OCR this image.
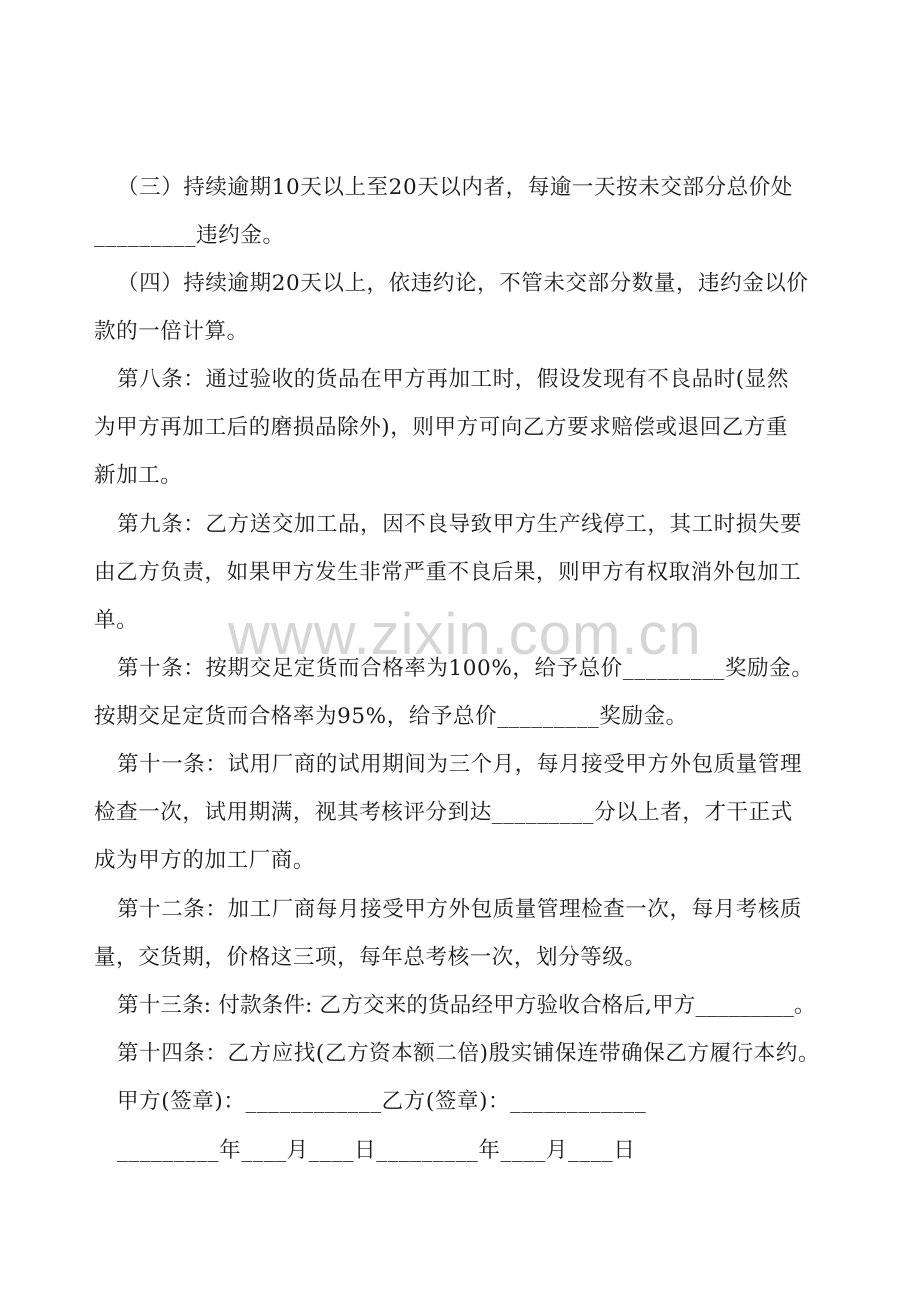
www.zixin.com.cn
（三）持续逾期10天以上至20天以内者，每逾一天按未交部分总价处
_________违约金。
（四）持续逾期20天以上，依违约论，不管未交部分数量，违约金以价
款的一倍计算。
第八条：通过验收的货品在甲方再加工时，假设发现有不良品时(显然
为甲方再加工后的磨损品除外)，则甲方可向乙方要求赔偿或退回乙方重
新加工。
第九条：乙方送交加工品，因不良导致甲方生产线停工，其工时损失要
由乙方负责，如果甲方发生非常严重不良后果，则甲方有权取消外包加工
单。
第十条：按期交足定货而合格率为100%，给予总价_________奖励金。
按期交足定货而合格率为95%，给予总价_________奖励金。
第十一条：试用厂商的试用期间为三个月，每月接受甲方外包质量管理
检查一次，试用期满，视其考核评分到达_________分以上者，才干正式
成为甲方的加工厂商。
第十二条：加工厂商每月接受甲方外包质量管理检查一次，每月考核质
量，交货期，价格这三项，每年总考核一次，划分等级。
第十三条: 付款条件: 乙方交来的货品经甲方验收合格后,甲方_________。
第十四条：乙方应找(乙方资本额二倍)殷实铺保连带确保乙方履行本约。
甲方(签章)：____________乙方(签章)：____________
_________年____月____日_________年____月____日
